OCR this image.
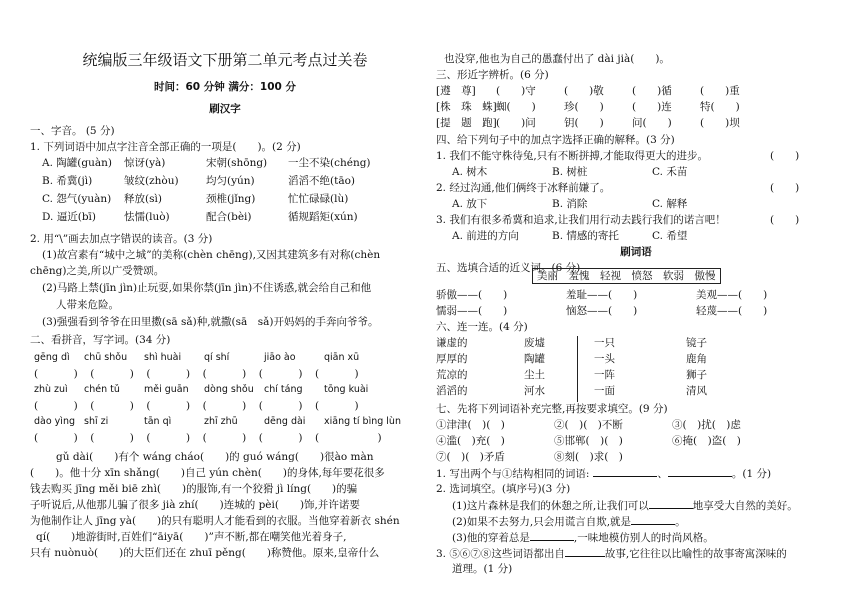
统编版三年级语文下册第二单元考点过关卷
时间：60 分钟 满分：100 分
刷汉字
一、字音。 (5 分)
1. 下列词语中加点字注音全部正确的一项是(　　)。(2 分)
A. 陶罐(guàn)	惊讶(yà)	宋朝(shōng)	一尘不染(chéng)
B. 希冀(jì)	皱纹(zhòu)	均匀(yún)	滔滔不绝(tāo)
C. 怨气(yuàn)	释放(sì)	颈椎(jǐng)	忙忙碌碌(lù)
D. 逼近(bī)	怯懦(luò)	配合(bèi)	循规蹈矩(xún)
2. 用“\”画去加点字错误的读音。(3 分)
(1)故宫素有“城中之城”的美称(chèn chēng),又因其建筑多有对称(chèn
chēng)之美,所以广受赞颂。
(2)马路上禁(jīn jìn)止玩耍,如果你禁(jīn jìn)不住诱惑,就会给自己和他
人带来危险。
(3)强强看到爷爷在田里擞(sā sǎ)种,就撒(sā　sǎ)开妈妈的手奔向爷爷。
二、看拼音，写字词。(34 分)
gēng dì	chū shǒu	shì huài	qí shí	jiāo ào	qiān xū
(　　　)　(　　　)　(　　　)　(　　　)　(　　　)　(　　　)
zhù zuì	chén tǔ	měi guān	dòng shǒu	chí táng	tōng kuài
(　　　)　(　　　)　(　　　)　(　　　)　(　　　)　(　　　)
dào yìng shī zi	tān qì	zhī zhū	dēng dài	xiāng tí bìng lùn
(　　　)　(　　　)　(　　　)　(　　　)　(　　　)　(　　　　　)
gǔ dài(　　)有个 wáng cháo(　　)的 guó wáng(　　)很ào màn
(　　)。他十分 xīn shǎng(　　)自己 yún chèn(　　)的身体,每年要花很多
钱去购买 jīng měi biē zhì(　　)的服饰,有一个狡猾 jì líng(　　)的骗
子听说后,从他那儿骗了很多 jià zhí(　　)连城的 pèi(　　)饰,并许诺要
为他制作让人 jīng yà(　　)的只有聪明人才能看到的衣服。当他穿着新衣 shén
qí(　　)地游街时,百姓们“āiyā(　　)”声不断,都在嘲笑他光着身子,
只有 nuònuò(　　)的大臣们还在 zhuī pěng(　　)称赞他。原来,皇帝什么
也没穿,他也为自己的愚蠢付出了 dài jià(　　)。
三、形近字辨析。(6 分)
[遵　尊] (　　)守	(　　)敬	(　　)循	(　　)重
[株　珠　蛛]蜘(　　)	珍(　　)	(　　)连	特(　　)
[提　题　跑](　　)问	钥(　　)	问(　　)	(　　)坝
四、给下列句子中的加点字选择正确的解释。(3 分)
1. 我们不能守株待兔,只有不断拼搏,才能取得更大的进步。	(　　)
A. 树木	B. 树桩	C. 禾苗
2. 经过沟通,他们俩终于冰释前嫌了。	(　　)
A. 放下	B. 消除	C. 解释
3. 我们有很多希冀和追求,让我们用行动去践行我们的诺言吧！	(　　)
A. 前进的方向	B. 情感的寄托	C. 希望
刷词语
五、选填合适的近义词。(6 分)
美丽　羞愧　轻视　愤怒　软弱　傲慢
骄傲——(　　)	羞耻——(　　)	美观——(　　)
懦弱——(　　)	恼怒——(　　)	轻蔑——(　　)
六、连一连。(4 分)
谦虚的	废墟	一只	镜子
厚厚的	陶罐	一头	鹿角
荒凉的	尘土	一阵	狮子
滔滔的	河水	一面	清风
七、先将下列词语补充完整,再按要求填空。(9 分)
①津津(　)(　)	②(　)(　)不断	③(　)扰(　)虑
④滥(　)充(　)	⑤邯郸(　)(　)	⑥掩(　)盗(　)
⑦(　)(　)矛盾	⑧刻(　)求(　)
1. 写出两个与①结构相同的词语:	、	。(1 分)
2. 选词填空。(填序号)(3 分)
(1)这片森林是我们的休憩之所,让我们可以	地享受大自然的美好。
(2)如果不去努力,只会用谎言自欺,就是	。
(3)他的穿着总是	,一味地模仿别人的时尚风格。
3. ⑤⑥⑦⑧这些词语都出自	故事,它往往以比喻性的故事寄寓深味的
道理。(1 分)
